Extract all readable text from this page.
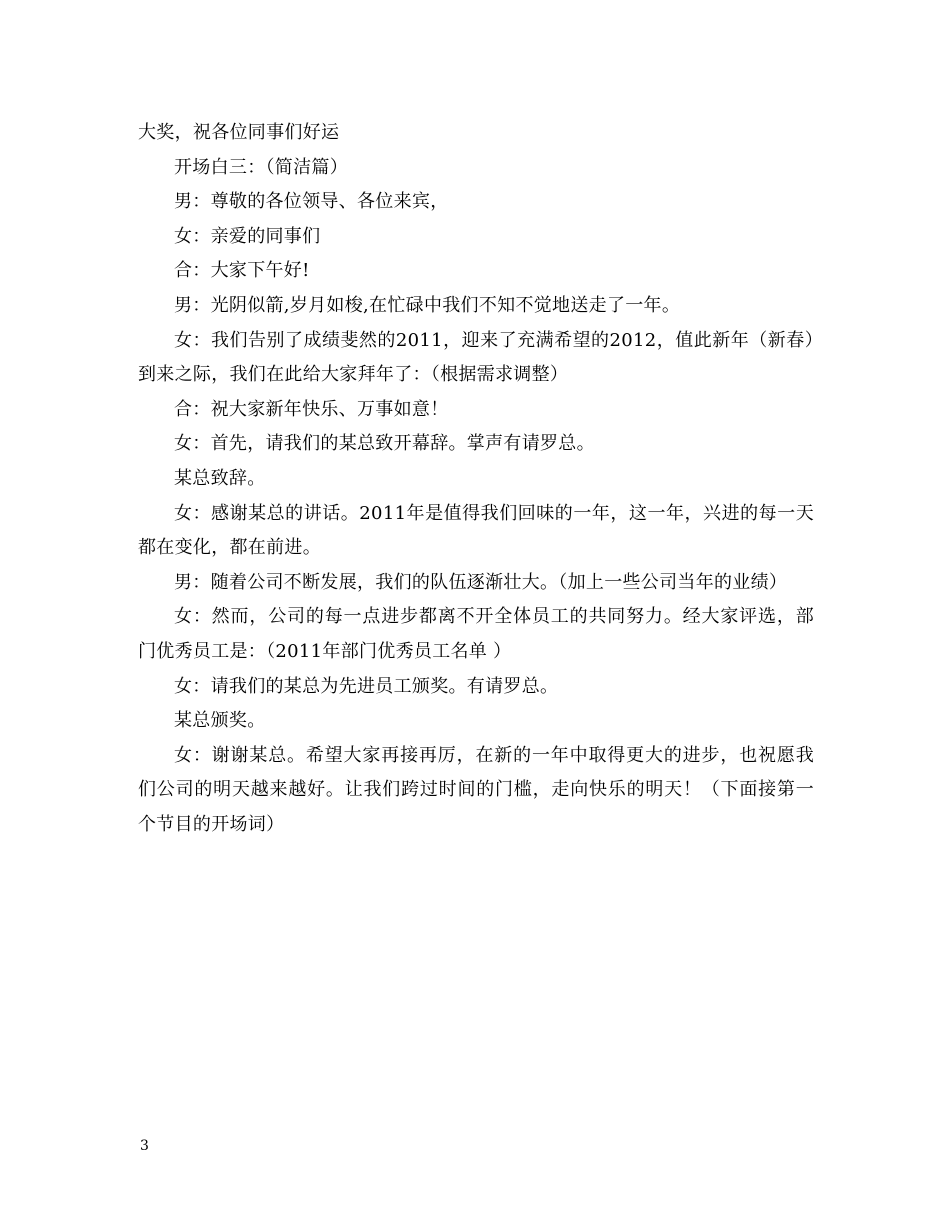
大奖，祝各位同事们好运

开场白三：（简洁篇）

男：尊敬的各位领导、各位来宾，

女：亲爱的同事们

合：大家下午好!

男：光阴似箭,岁月如梭,在忙碌中我们不知不觉地送走了一年。

女：我们告别了成绩斐然的2011，迎来了充满希望的2012，值此新年（新春）到来之际，我们在此给大家拜年了：（根据需求调整）

合：祝大家新年快乐、万事如意！

女：首先，请我们的某总致开幕辞。掌声有请罗总。

某总致辞。

女：感谢某总的讲话。2011年是值得我们回味的一年，这一年，兴进的每一天都在变化，都在前进。

男：随着公司不断发展，我们的队伍逐渐壮大。（加上一些公司当年的业绩）

女：然而，公司的每一点进步都离不开全体员工的共同努力。经大家评选，部门优秀员工是：（2011年部门优秀员工名单 ）

女：请我们的某总为先进员工颁奖。有请罗总。

某总颁奖。

女：谢谢某总。希望大家再接再厉，在新的一年中取得更大的进步，也祝愿我们公司的明天越来越好。让我们跨过时间的门槛，走向快乐的明天！（下面接第一个节目的开场词）

3
